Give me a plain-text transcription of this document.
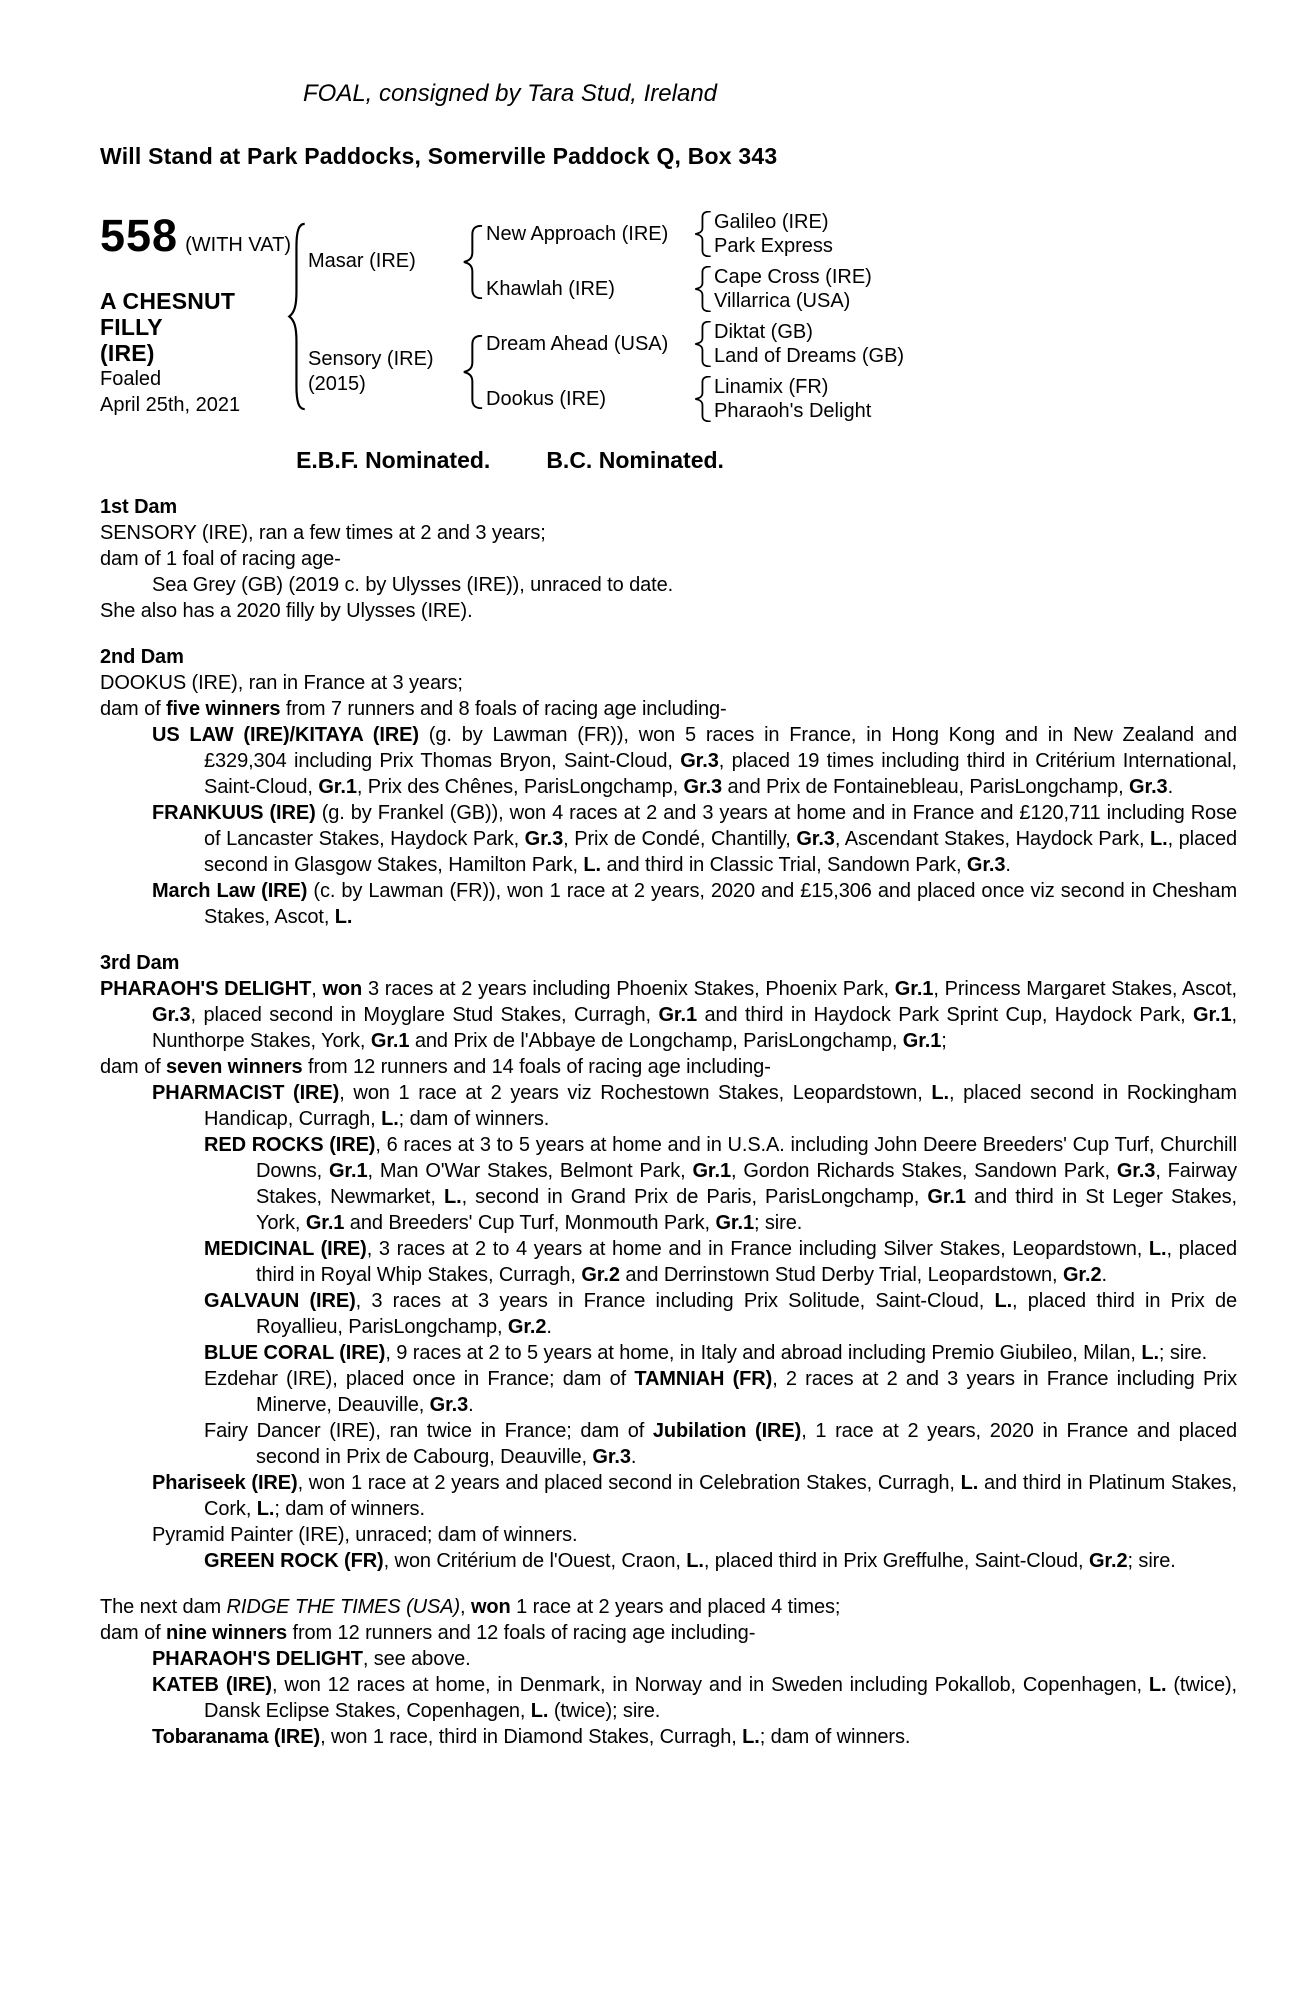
FOAL, consigned by Tara Stud, Ireland
Will Stand at Park Paddocks, Somerville Paddock Q, Box 343
558 (WITH VAT)
A CHESNUT FILLY
(IRE)
Foaled
April 25th, 2021
Masar (IRE)
New Approach (IRE)
Galileo (IRE)
Park Express
Khawlah (IRE)
Cape Cross (IRE)
Villarrica (USA)
Sensory (IRE)
(2015)
Dream Ahead (USA)
Diktat (GB)
Land of Dreams (GB)
Dookus (IRE)
Linamix (FR)
Pharaoh's Delight
E.B.F. Nominated. B.C. Nominated.
1st Dam
SENSORY (IRE), ran a few times at 2 and 3 years;
dam of 1 foal of racing age-
Sea Grey (GB) (2019 c. by Ulysses (IRE)), unraced to date.
She also has a 2020 filly by Ulysses (IRE).
2nd Dam
DOOKUS (IRE), ran in France at 3 years;
dam of five winners from 7 runners and 8 foals of racing age including-
US LAW (IRE)/KITAYA (IRE) (g. by Lawman (FR)), won 5 races in France, in Hong Kong and in New Zealand and £329,304 including Prix Thomas Bryon, Saint-Cloud, Gr.3, placed 19 times including third in Critérium International, Saint-Cloud, Gr.1, Prix des Chênes, ParisLongchamp, Gr.3 and Prix de Fontainebleau, ParisLongchamp, Gr.3.
FRANKUUS (IRE) (g. by Frankel (GB)), won 4 races at 2 and 3 years at home and in France and £120,711 including Rose of Lancaster Stakes, Haydock Park, Gr.3, Prix de Condé, Chantilly, Gr.3, Ascendant Stakes, Haydock Park, L., placed second in Glasgow Stakes, Hamilton Park, L. and third in Classic Trial, Sandown Park, Gr.3.
March Law (IRE) (c. by Lawman (FR)), won 1 race at 2 years, 2020 and £15,306 and placed once viz second in Chesham Stakes, Ascot, L.
3rd Dam
PHARAOH'S DELIGHT, won 3 races at 2 years including Phoenix Stakes, Phoenix Park, Gr.1, Princess Margaret Stakes, Ascot, Gr.3, placed second in Moyglare Stud Stakes, Curragh, Gr.1 and third in Haydock Park Sprint Cup, Haydock Park, Gr.1, Nunthorpe Stakes, York, Gr.1 and Prix de l'Abbaye de Longchamp, ParisLongchamp, Gr.1;
dam of seven winners from 12 runners and 14 foals of racing age including-
PHARMACIST (IRE), won 1 race at 2 years viz Rochestown Stakes, Leopardstown, L., placed second in Rockingham Handicap, Curragh, L.; dam of winners.
RED ROCKS (IRE), 6 races at 3 to 5 years at home and in U.S.A. including John Deere Breeders' Cup Turf, Churchill Downs, Gr.1, Man O'War Stakes, Belmont Park, Gr.1, Gordon Richards Stakes, Sandown Park, Gr.3, Fairway Stakes, Newmarket, L., second in Grand Prix de Paris, ParisLongchamp, Gr.1 and third in St Leger Stakes, York, Gr.1 and Breeders' Cup Turf, Monmouth Park, Gr.1; sire.
MEDICINAL (IRE), 3 races at 2 to 4 years at home and in France including Silver Stakes, Leopardstown, L., placed third in Royal Whip Stakes, Curragh, Gr.2 and Derrinstown Stud Derby Trial, Leopardstown, Gr.2.
GALVAUN (IRE), 3 races at 3 years in France including Prix Solitude, Saint-Cloud, L., placed third in Prix de Royallieu, ParisLongchamp, Gr.2.
BLUE CORAL (IRE), 9 races at 2 to 5 years at home, in Italy and abroad including Premio Giubileo, Milan, L.; sire.
Ezdehar (IRE), placed once in France; dam of TAMNIAH (FR), 2 races at 2 and 3 years in France including Prix Minerve, Deauville, Gr.3.
Fairy Dancer (IRE), ran twice in France; dam of Jubilation (IRE), 1 race at 2 years, 2020 in France and placed second in Prix de Cabourg, Deauville, Gr.3.
Phariseek (IRE), won 1 race at 2 years and placed second in Celebration Stakes, Curragh, L. and third in Platinum Stakes, Cork, L.; dam of winners.
Pyramid Painter (IRE), unraced; dam of winners.
GREEN ROCK (FR), won Critérium de l'Ouest, Craon, L., placed third in Prix Greffulhe, Saint-Cloud, Gr.2; sire.
The next dam RIDGE THE TIMES (USA), won 1 race at 2 years and placed 4 times;
dam of nine winners from 12 runners and 12 foals of racing age including-
PHARAOH'S DELIGHT, see above.
KATEB (IRE), won 12 races at home, in Denmark, in Norway and in Sweden including Pokallob, Copenhagen, L. (twice), Dansk Eclipse Stakes, Copenhagen, L. (twice); sire.
Tobaranama (IRE), won 1 race, third in Diamond Stakes, Curragh, L.; dam of winners.
